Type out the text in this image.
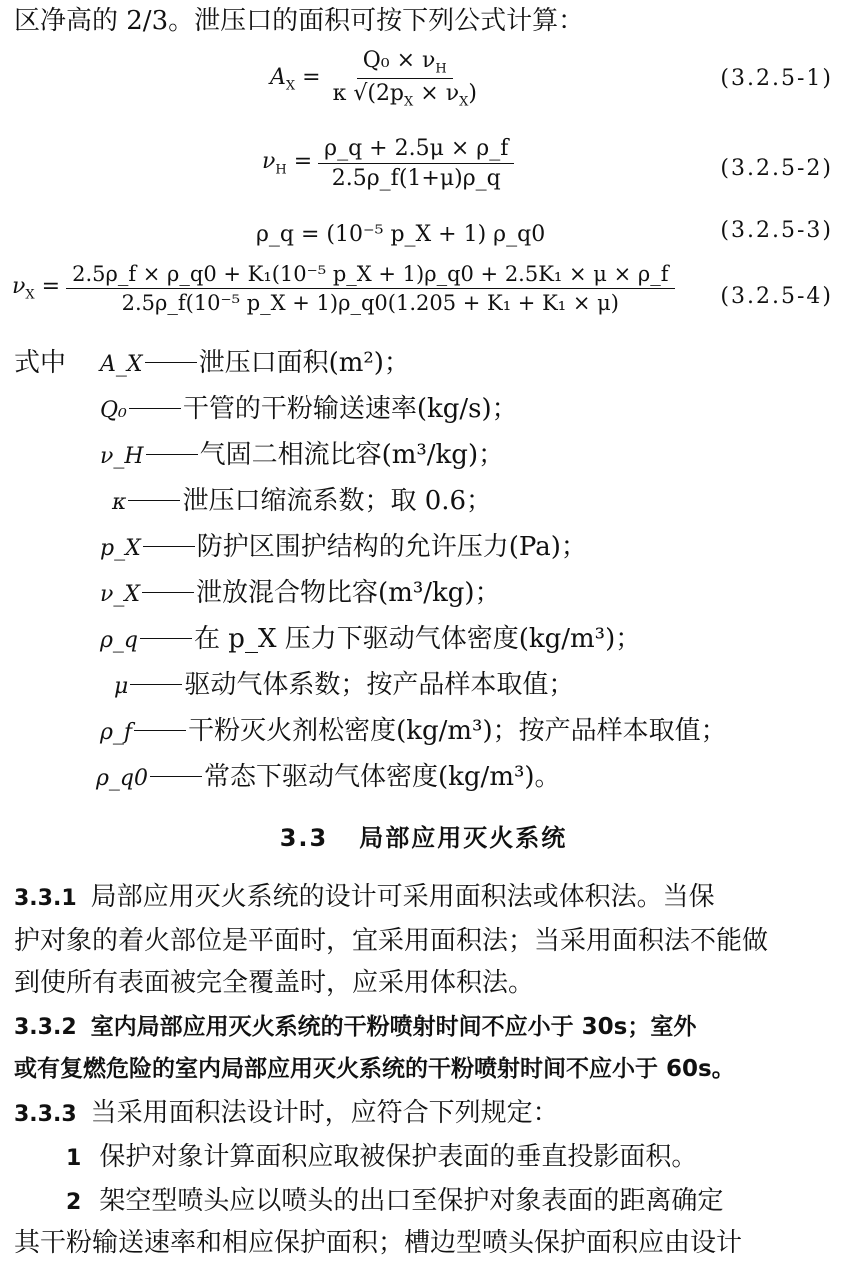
区净高的 2/3。泄压口的面积可按下列公式计算：
$A_X = \frac{Q_0 \times \nu_H}{\kappa √(2p_X \times \nu_X)}$	(3.2.5-1)
$\nu_H = \frac{\rho\_q + 2.5\mu \times \rho\_f}{2.5\rho\_f(1+\mu)\rho\_q}$	(3.2.5-2)
ρ_q = (10⁻⁵ p_X + 1) ρ_q0	(3.2.5-3)
$\nu_X = \frac{\text{2.5ρ\_f × ρ\_q0 + K₁(10⁻⁵ p\_X + 1)ρ\_q0 + 2.5K₁ × μ × ρ\_f}}{\text{2.5ρ\_f(10⁻⁵ p\_X + 1)ρ\_q0(1.205 + K₁ + K₁ × μ)}} (3.2.5-4)$
式中 A_X 泄压口面积(m²)；
Q₀ 干管的干粉输送速率(kg/s)；
ν_H 气固二相流比容(m³/kg)；
κ 泄压口缩流系数；取 0.6；
p_X 防护区围护结构的允许压力(Pa)；
ν_X 泄放混合物比容(m³/kg)；
ρ_q 在 p_X 压力下驱动气体密度(kg/m³)；
μ 驱动气体系数；按产品样本取值；
ρ_f 干粉灭火剂松密度(kg/m³)；按产品样本取值；
ρ_q0 常态下驱动气体密度(kg/m³)。
3.3 局部应用灭火系统
3.3.1 局部应用灭火系统的设计可采用面积法或体积法。当保
护对象的着火部位是平面时，宜采用面积法；当采用面积法不能做
到使所有表面被完全覆盖时，应采用体积法。
3.3.2 室内局部应用灭火系统的干粉喷射时间不应小于 30s；室外
或有复燃危险的室内局部应用灭火系统的干粉喷射时间不应小于 60s。
3.3.3 当采用面积法设计时，应符合下列规定：
1 保护对象计算面积应取被保护表面的垂直投影面积。
2 架空型喷头应以喷头的出口至保护对象表面的距离确定
其干粉输送速率和相应保护面积；槽边型喷头保护面积应由设计
